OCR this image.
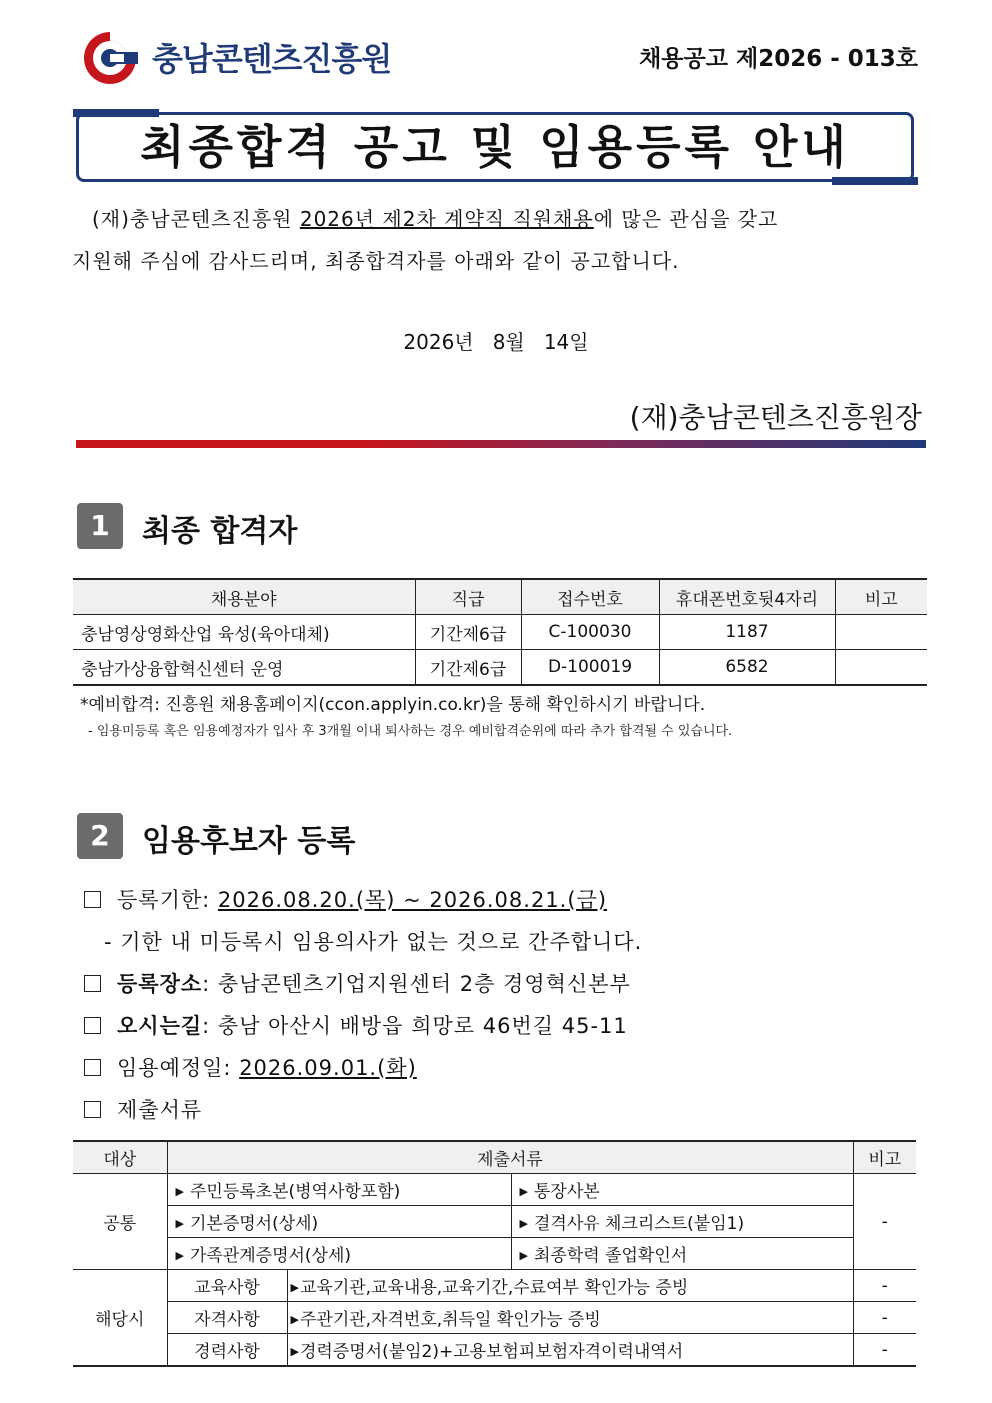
충남콘텐츠진흥원	채용공고 제2026 - 013호
최종합격 공고 및 임용등록 안내
(재)충남콘텐츠진흥원 2026년 제2차 계약직 직원채용에 많은 관심을 갖고
지원해 주심에 감사드리며, 최종합격자를 아래와 같이 공고합니다.
2026년   8월   14일
(재)충남콘텐츠진흥원장
1	최종 합격자
채용분야	직급	접수번호	휴대폰번호뒷4자리	비고
충남영상영화산업 육성(육아대체)	기간제6급	C-100030	1187	
충남가상융합혁신센터 운영	기간제6급	D-100019	6582	
*예비합격: 진흥원 채용홈페이지(ccon.applyin.co.kr)을 통해 확인하시기 바랍니다.
- 임용미등록 혹은 임용예정자가 입사 후 3개월 이내 퇴사하는 경우 예비합격순위에 따라 추가 합격될 수 있습니다.
2	임용후보자 등록
등록기한: 2026.08.20.(목) ~ 2026.08.21.(금)
- 기한 내 미등록시 임용의사가 없는 것으로 간주합니다.
등록장소: 충남콘텐츠기업지원센터 2층 경영혁신본부
오시는길: 충남 아산시 배방읍 희망로 46번길 45-11
임용예정일: 2026.09.01.(화)
제출서류
대상	제출서류			비고
공통	▶ 주민등록초본(병역사항포함)		▶ 통장사본	-
	▶ 기본증명서(상세)		▶ 결격사유 체크리스트(붙임1)	
	▶ 가족관계증명서(상세)		▶ 최종학력 졸업확인서	
해당시	교육사항	▶교육기관,교육내용,교육기간,수료여부 확인가능 증빙		-
	자격사항	▶주관기관,자격번호,취득일 확인가능 증빙		-
	경력사항	▶경력증명서(붙임2)+고용보험피보험자격이력내역서		-
